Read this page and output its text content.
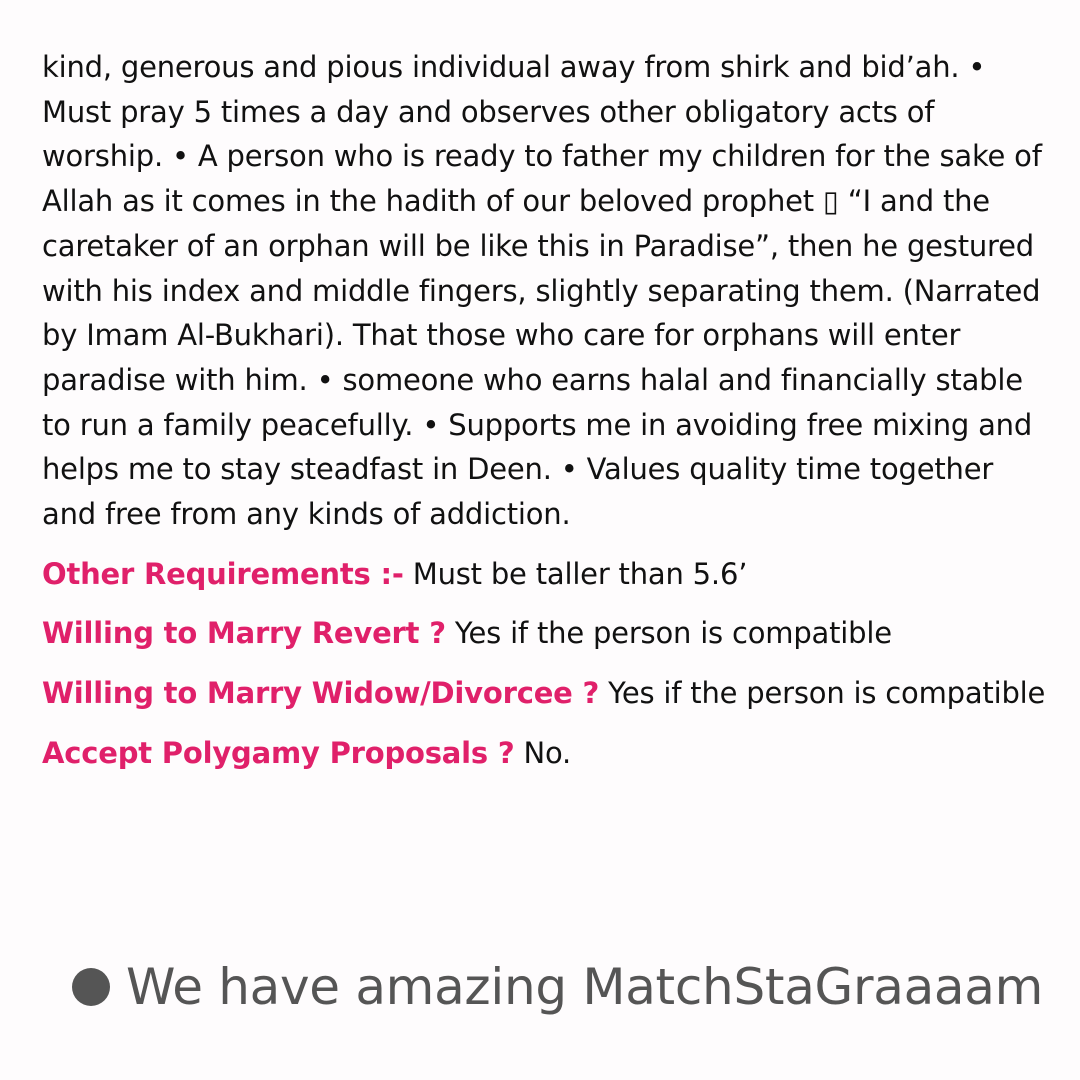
kind, generous and pious individual away from shirk and bid’ah. • Must pray 5 times a day and observes other obligatory acts of worship. • A person who is ready to father my children for the sake of Allah as it comes in the hadith of our beloved prophet ▯ “I and the caretaker of an orphan will be like this in Paradise”, then he gestured with his index and middle fingers, slightly separating them. (Narrated by Imam Al-Bukhari). That those who care for orphans will enter paradise with him. • someone who earns halal and financially stable to run a family peacefully. • Supports me in avoiding free mixing and helps me to stay steadfast in Deen. • Values quality time together and free from any kinds of addiction.

Other Requirements :- Must be taller than 5.6’

Willing to Marry Revert ? Yes if the person is compatible

Willing to Marry Widow/Divorcee ? Yes if the person is compatible

Accept Polygamy Proposals ? No.

We have amazing MatchStaGraaaam
